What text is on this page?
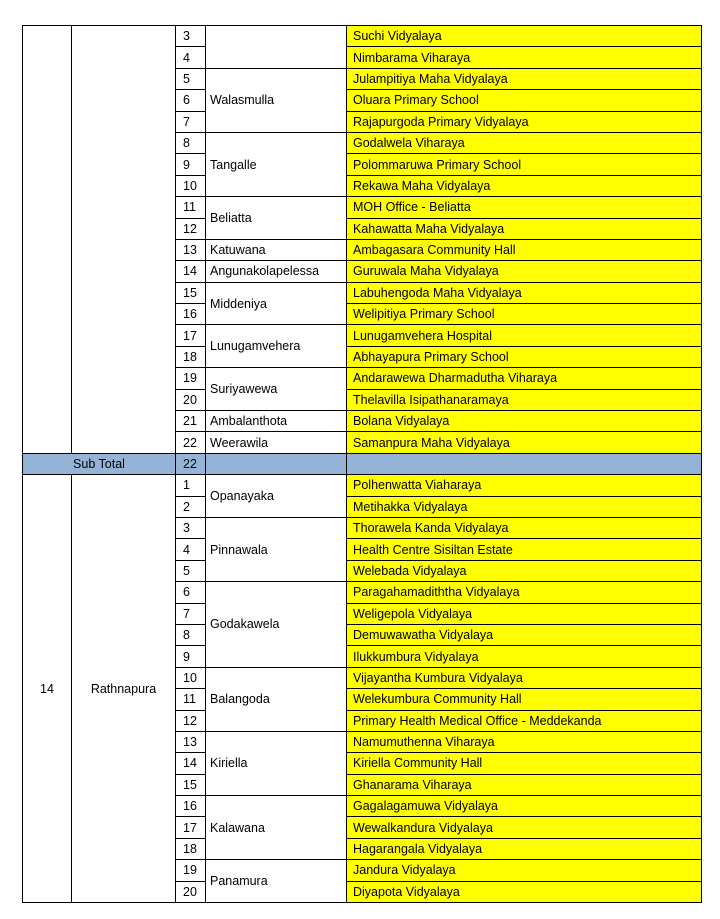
		3		Suchi Vidyalaya
		4		Nimbarama Viharaya
		5	Walasmulla	Julampitiya Maha Vidyalaya
		6		Oluara Primary School
		7		Rajapurgoda Primary Vidyalaya
		8	Tangalle	Godalwela Viharaya
		9		Polommaruwa Primary School
		10		Rekawa Maha Vidyalaya
		11	Beliatta	MOH Office - Beliatta
		12		Kahawatta Maha Vidyalaya
		13	Katuwana	Ambagasara Community Hall
		14	Angunakolapelessa	Guruwala Maha Vidyalaya
		15	Middeniya	Labuhengoda Maha Vidyalaya
		16		Welipitiya Primary School
		17	Lunugamvehera	Lunugamvehera Hospital
		18		Abhayapura Primary School
		19	Suriyawewa	Andarawewa Dharmadutha Viharaya
		20		Thelavilla Isipathanaramaya
		21	Ambalanthota	Bolana Vidyalaya
		22	Weerawila	Samanpura Maha Vidyalaya
Sub Total		22		
14	Rathnapura	1	Opanayaka	Polhenwatta Viaharaya
		2		Metihakka Vidyalaya
		3	Pinnawala	Thorawela Kanda Vidyalaya
		4		Health Centre Sisiltan Estate
		5		Welebada Vidyalaya
		6	Godakawela	Paragahamadiththa Vidyalaya
		7		Weligepola Vidyalaya
		8		Demuwawatha Vidyalaya
		9		Ilukkumbura Vidyalaya
		10	Balangoda	Vijayantha Kumbura Vidyalaya
		11		Welekumbura Community Hall
		12		Primary Health Medical Office - Meddekanda
		13	Kiriella	Namumuthenna Viharaya
		14		Kiriella Community Hall
		15		Ghanarama Viharaya
		16	Kalawana	Gagalagamuwa Vidyalaya
		17		Wewalkandura Vidyalaya
		18		Hagarangala Vidyalaya
		19	Panamura	Jandura Vidyalaya
		20		Diyapota Vidyalaya
